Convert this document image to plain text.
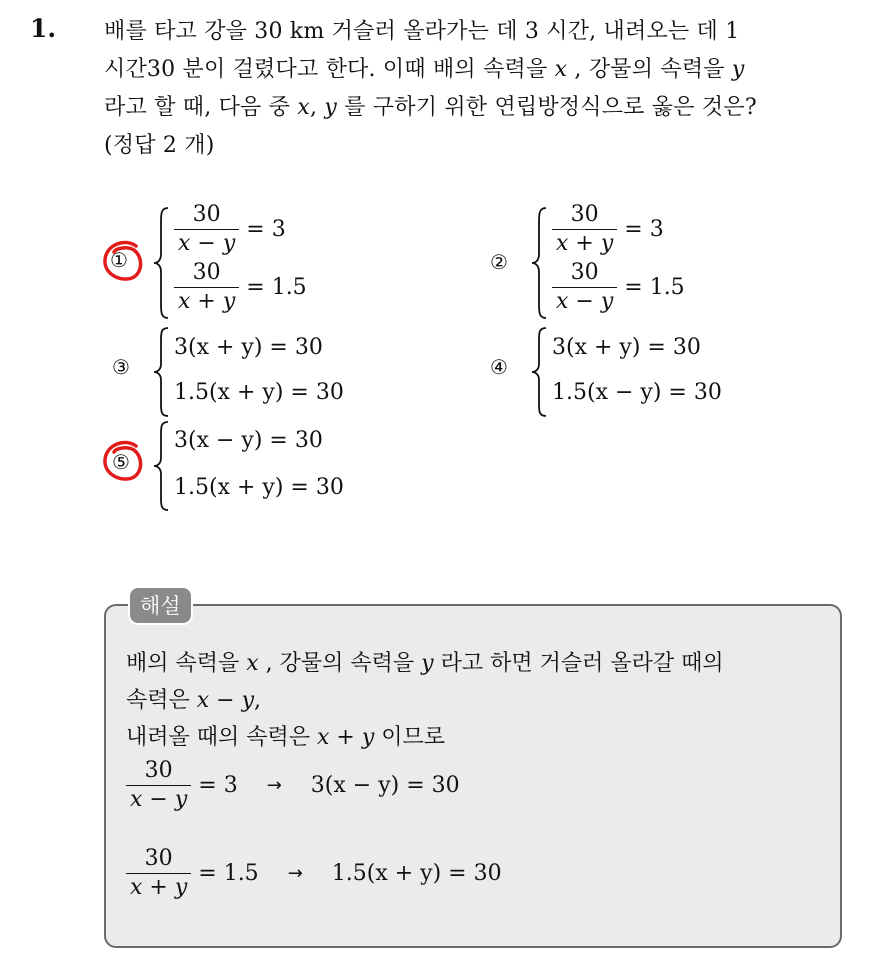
1. 배를 타고 강을 30 km 거슬러 올라가는 데 3 시간, 내려오는 데 1
시간30 분이 걸렸다고 한다. 이때 배의 속력을 x , 강물의 속력을 y
라고 할 때, 다음 중 x, y 를 구하기 위한 연립방정식으로 옳은 것은?
(정답 2 개)
①
$\frac{30}{x - y} = 3$
$\frac{30}{x + y} = 1.5$
②
$\frac{30}{x + y} = 3$
$\frac{30}{x - y} = 1.5$
③
3(x + y) = 30
1.5(x + y) = 30
④
3(x + y) = 30
1.5(x − y) = 30
⑤
3(x − y) = 30
1.5(x + y) = 30
해설
배의 속력을 x , 강물의 속력을 y 라고 하면 거슬러 올라갈 때의
속력은 x − y,
내려올 때의 속력은 x + y 이므로
$\frac{30}{x - y} = 3 \to 3(x - y) = 30$
$\frac{30}{x + y} = 1.5 \to 1.5(x + y) = 30$
